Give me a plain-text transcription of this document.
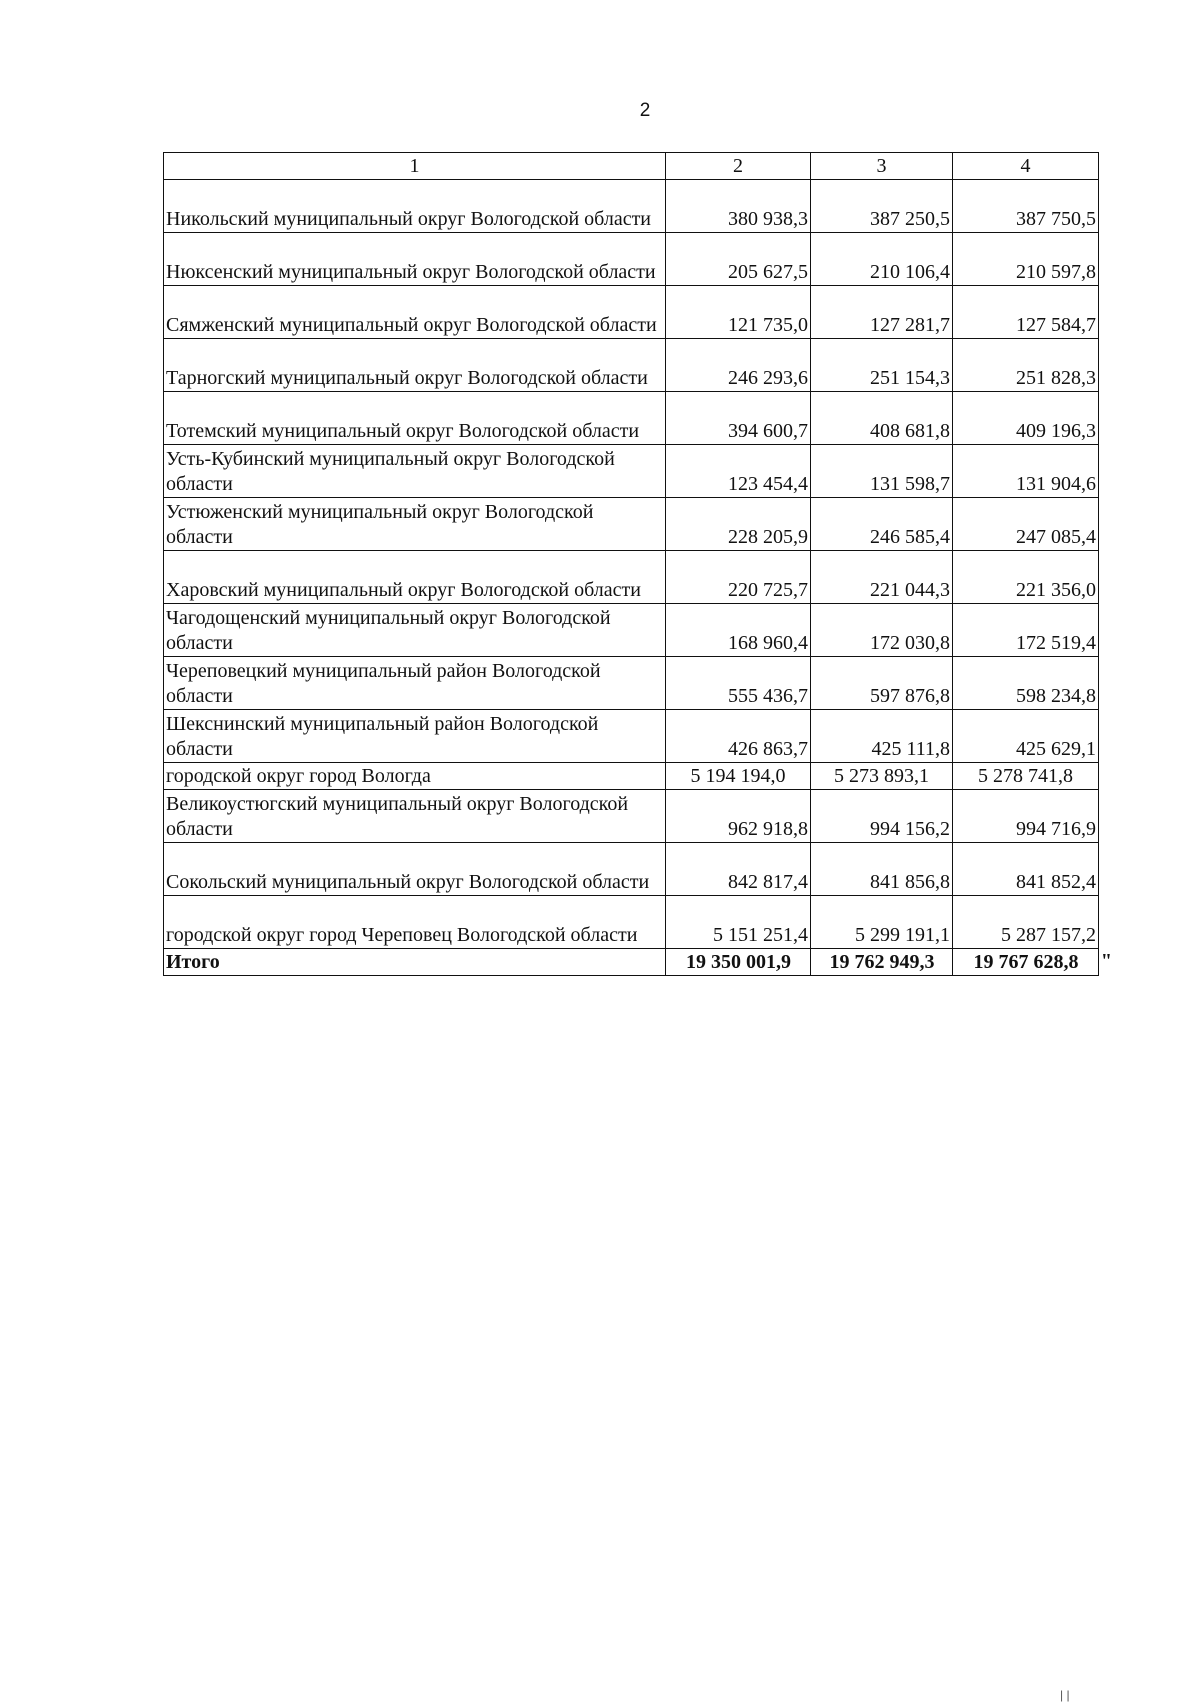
2
1	2	3	4
Никольский муниципальный округ Вологодской области	380 938,3	387 250,5	387 750,5
Нюксенский муниципальный округ Вологодской области	205 627,5	210 106,4	210 597,8
Сямженский муниципальный округ Вологодской области	121 735,0	127 281,7	127 584,7
Тарногский муниципальный округ Вологодской области	246 293,6	251 154,3	251 828,3
Тотемский муниципальный округ Вологодской области	394 600,7	408 681,8	409 196,3
Усть-Кубинский муниципальный округ Вологодской области	123 454,4	131 598,7	131 904,6
Устюженский муниципальный округ Вологодской области	228 205,9	246 585,4	247 085,4
Харовский муниципальный округ Вологодской области	220 725,7	221 044,3	221 356,0
Чагодощенский муниципальный округ Вологодской области	168 960,4	172 030,8	172 519,4
Череповецкий муниципальный район Вологодской области	555 436,7	597 876,8	598 234,8
Шекснинский муниципальный район Вологодской области	426 863,7	425 111,8	425 629,1
городской округ город Вологда	5 194 194,0	5 273 893,1	5 278 741,8
Великоустюгский муниципальный округ Вологодской области	962 918,8	994 156,2	994 716,9
Сокольский муниципальный округ Вологодской области	842 817,4	841 856,8	841 852,4
городской округ город Череповец Вологодской области	5 151 251,4	5 299 191,1	5 287 157,2
Итого	19 350 001,9	19 762 949,3	19 767 628,8 "
| |
